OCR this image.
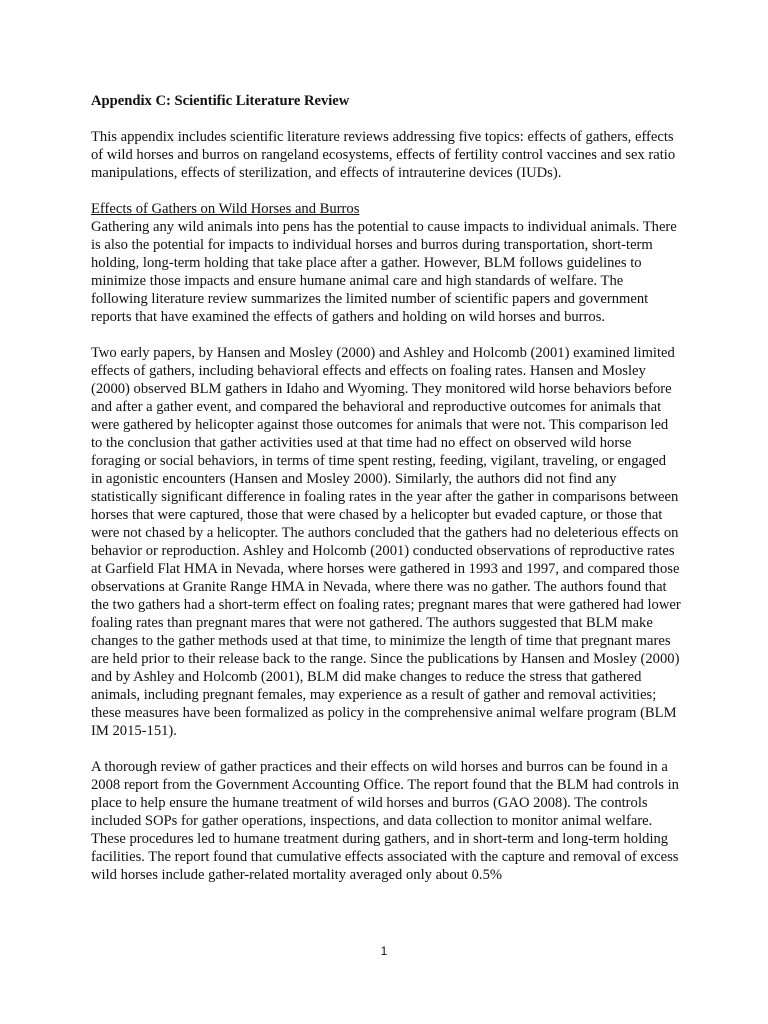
Appendix C: Scientific Literature Review

This appendix includes scientific literature reviews addressing five topics: effects of gathers, effects of wild horses and burros on rangeland ecosystems, effects of fertility control vaccines and sex ratio manipulations, effects of sterilization, and effects of intrauterine devices (IUDs).

Effects of Gathers on Wild Horses and Burros
Gathering any wild animals into pens has the potential to cause impacts to individual animals. There is also the potential for impacts to individual horses and burros during transportation, short-term holding, long-term holding that take place after a gather. However, BLM follows guidelines to minimize those impacts and ensure humane animal care and high standards of welfare. The following literature review summarizes the limited number of scientific papers and government reports that have examined the effects of gathers and holding on wild horses and burros.

Two early papers, by Hansen and Mosley (2000) and Ashley and Holcomb (2001) examined limited effects of gathers, including behavioral effects and effects on foaling rates. Hansen and Mosley (2000) observed BLM gathers in Idaho and Wyoming. They monitored wild horse behaviors before and after a gather event, and compared the behavioral and reproductive outcomes for animals that were gathered by helicopter against those outcomes for animals that were not. This comparison led to the conclusion that gather activities used at that time had no effect on observed wild horse foraging or social behaviors, in terms of time spent resting, feeding, vigilant, traveling, or engaged in agonistic encounters (Hansen and Mosley 2000). Similarly, the authors did not find any statistically significant difference in foaling rates in the year after the gather in comparisons between horses that were captured, those that were chased by a helicopter but evaded capture, or those that were not chased by a helicopter. The authors concluded that the gathers had no deleterious effects on behavior or reproduction. Ashley and Holcomb (2001) conducted observations of reproductive rates at Garfield Flat HMA in Nevada, where horses were gathered in 1993 and 1997, and compared those observations at Granite Range HMA in Nevada, where there was no gather. The authors found that the two gathers had a short-term effect on foaling rates; pregnant mares that were gathered had lower foaling rates than pregnant mares that were not gathered. The authors suggested that BLM make changes to the gather methods used at that time, to minimize the length of time that pregnant mares are held prior to their release back to the range. Since the publications by Hansen and Mosley (2000) and by Ashley and Holcomb (2001), BLM did make changes to reduce the stress that gathered animals, including pregnant females, may experience as a result of gather and removal activities; these measures have been formalized as policy in the comprehensive animal welfare program (BLM IM 2015-151).

A thorough review of gather practices and their effects on wild horses and burros can be found in a 2008 report from the Government Accounting Office. The report found that the BLM had controls in place to help ensure the humane treatment of wild horses and burros (GAO 2008). The controls included SOPs for gather operations, inspections, and data collection to monitor animal welfare. These procedures led to humane treatment during gathers, and in short-term and long-term holding facilities. The report found that cumulative effects associated with the capture and removal of excess wild horses include gather-related mortality averaged only about 0.5%

1
